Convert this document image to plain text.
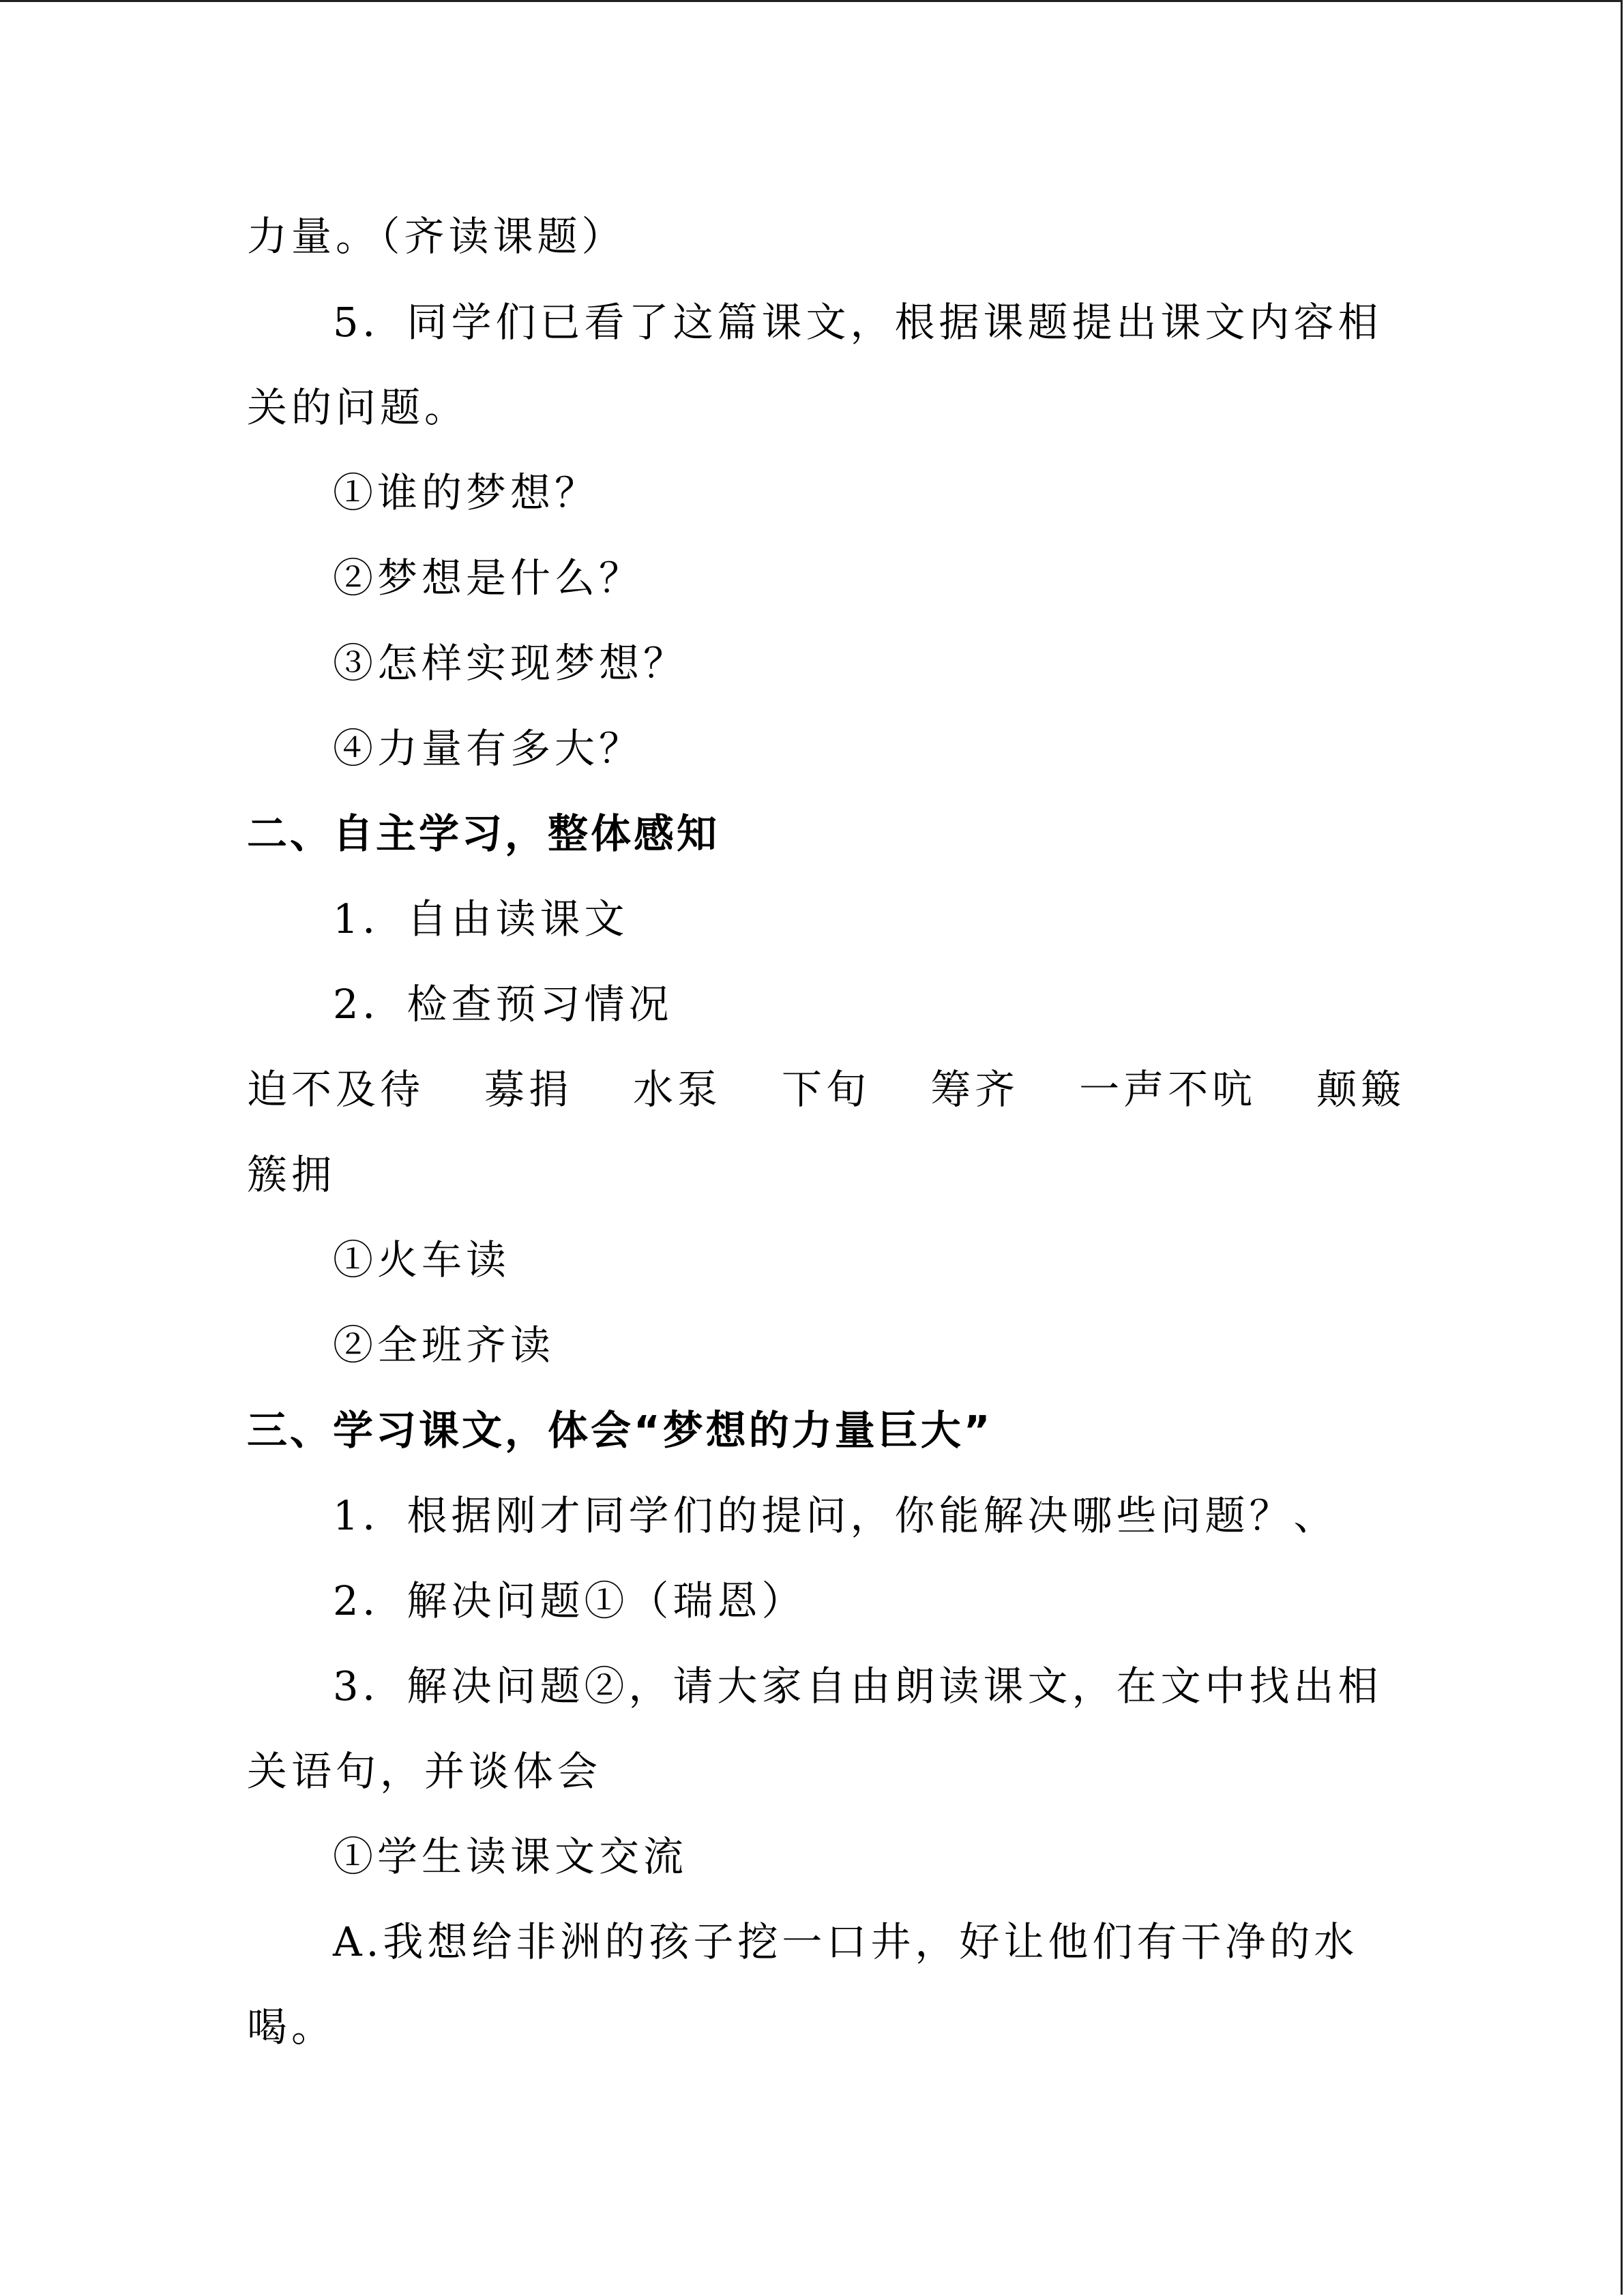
力量。（齐读课题）
5．同学们已看了这篇课文，根据课题提出课文内容相
关的问题。
①谁的梦想？
②梦想是什么？
③怎样实现梦想？
④力量有多大？
二、自主学习，整体感知
1．自由读课文
2．检查预习情况
迫不及待 募捐 水泵 下旬 筹齐 一声不吭 颠簸
簇拥
①火车读
②全班齐读
三、学习课文，体会“梦想的力量巨大”
1．根据刚才同学们的提问，你能解决哪些问题？、
2．解决问题①（瑞恩）
3．解决问题②，请大家自由朗读课文，在文中找出相
关语句，并谈体会
①学生读课文交流
A.我想给非洲的孩子挖一口井，好让他们有干净的水
喝。
